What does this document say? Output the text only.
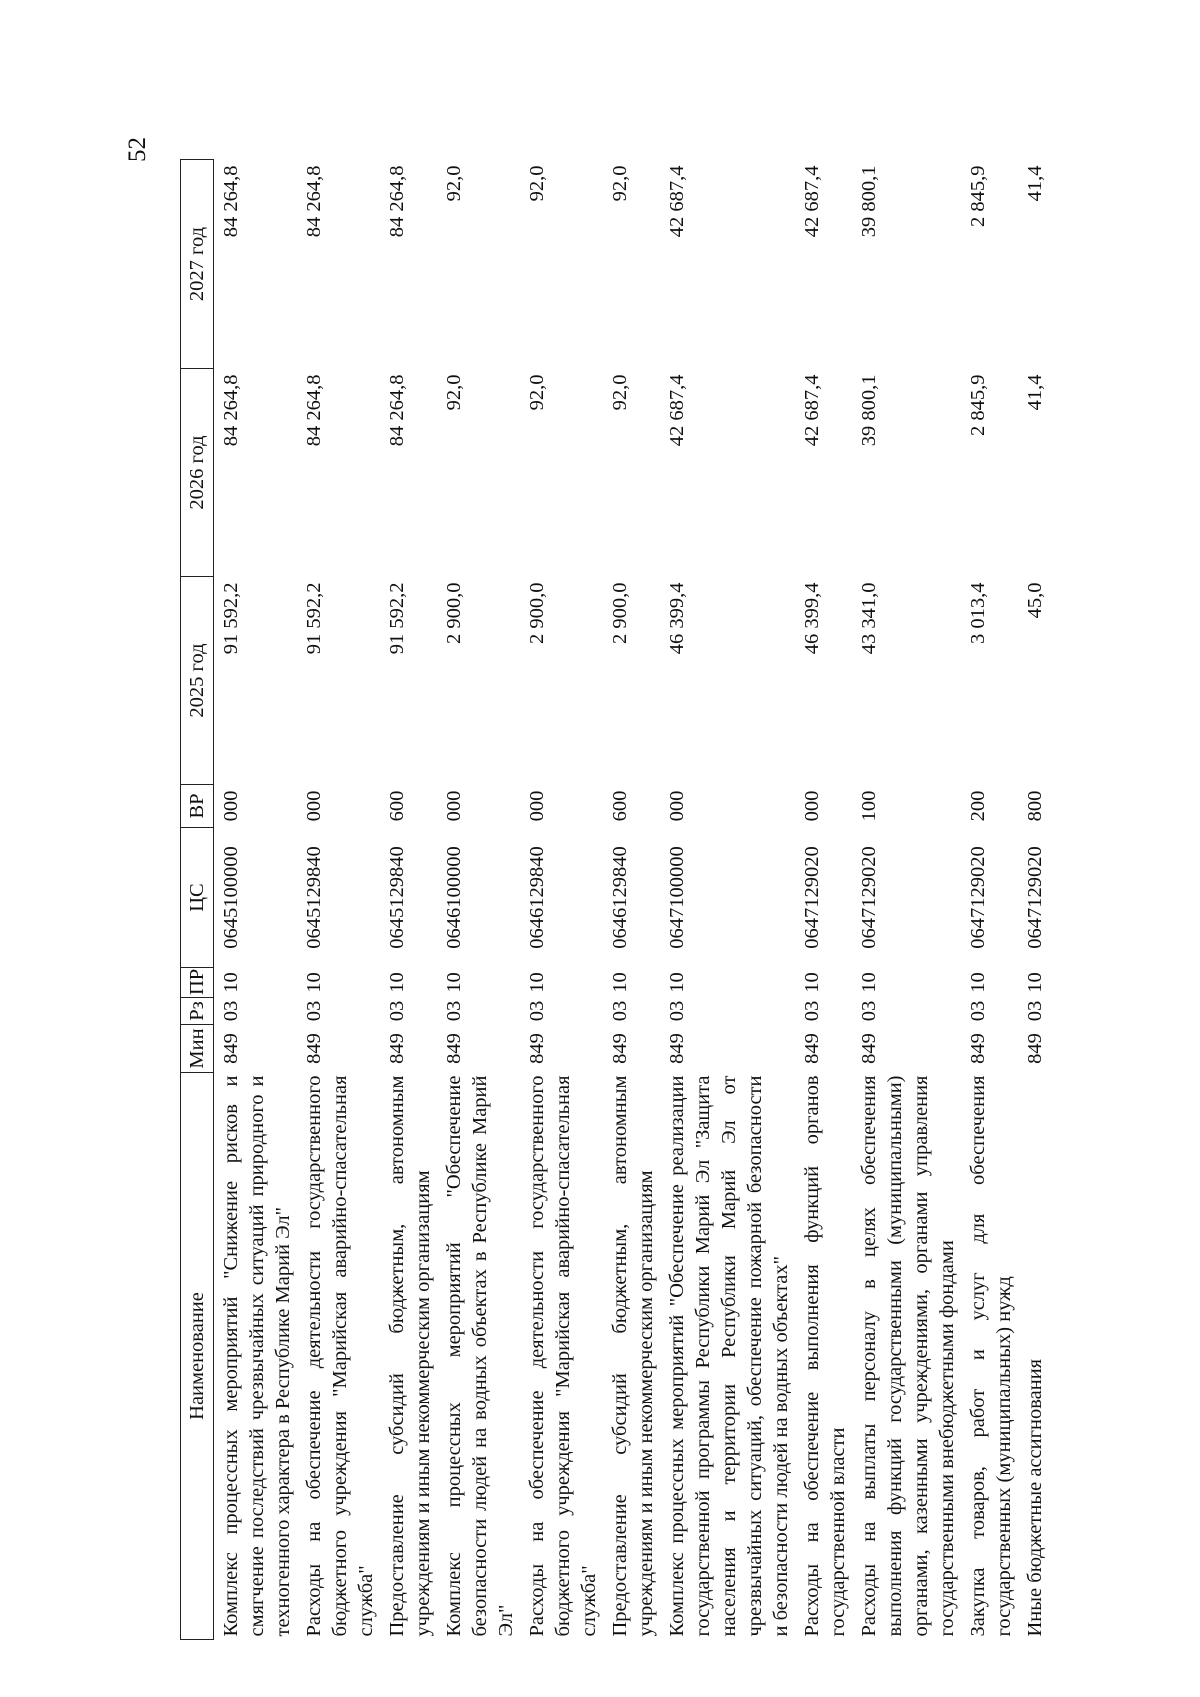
52
Наименование	Мин	Рз	ПР	ЦС	ВР	2025 год	2026 год	2027 год
Комплекс процессных мероприятий "Снижение рисков и смягчение последствий чрезвычайных ситуаций природного и техногенного характера в Республике Марий Эл"	849	03	10	0645100000	000	91 592,2	84 264,8	84 264,8
Расходы на обеспечение деятельности государственного бюджетного учреждения "Марийская аварийно-спасательная служба"	849	03	10	0645129840	000	91 592,2	84 264,8	84 264,8
Предоставление субсидий бюджетным, автономным учреждениям и иным некоммерческим организациям	849	03	10	0645129840	600	91 592,2	84 264,8	84 264,8
Комплекс процессных мероприятий "Обеспечение безопасности людей на водных объектах в Республике Марий Эл"	849	03	10	0646100000	000	2 900,0	92,0	92,0
Расходы на обеспечение деятельности государственного бюджетного учреждения "Марийская аварийно-спасательная служба"	849	03	10	0646129840	000	2 900,0	92,0	92,0
Предоставление субсидий бюджетным, автономным учреждениям и иным некоммерческим организациям	849	03	10	0646129840	600	2 900,0	92,0	92,0
Комплекс процессных мероприятий "Обеспечение реализации государственной программы Республики Марий Эл "Защита населения и территории Республики Марий Эл от чрезвычайных ситуаций, обеспечение пожарной безопасности и безопасности людей на водных объектах"	849	03	10	0647100000	000	46 399,4	42 687,4	42 687,4
Расходы на обеспечение выполнения функций органов государственной власти	849	03	10	0647129020	000	46 399,4	42 687,4	42 687,4
Расходы на выплаты персоналу в целях обеспечения выполнения функций государственными (муниципальными) органами, казенными учреждениями, органами управления государственными внебюджетными фондами	849	03	10	0647129020	100	43 341,0	39 800,1	39 800,1
Закупка товаров, работ и услуг для обеспечения государственных (муниципальных) нужд	849	03	10	0647129020	200	3 013,4	2 845,9	2 845,9
Иные бюджетные ассигнования	849	03	10	0647129020	800	45,0	41,4	41,4
